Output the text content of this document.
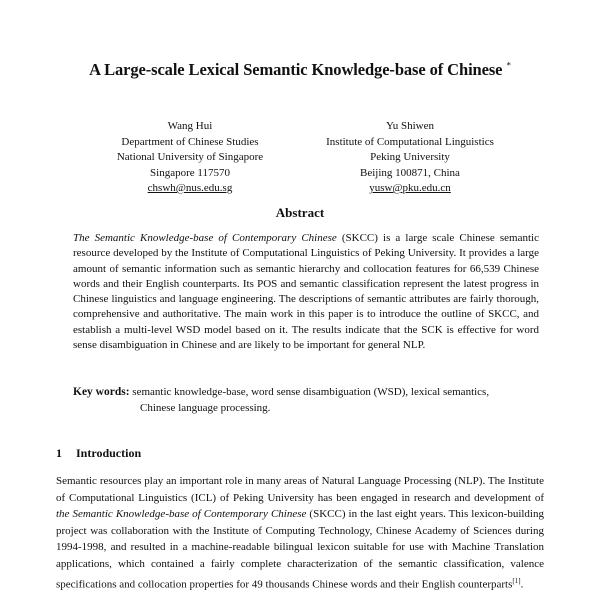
A Large-scale Lexical Semantic Knowledge-base of Chinese *
Wang Hui
Department of Chinese Studies
National University of Singapore
Singapore 117570
chswh@nus.edu.sg
Yu Shiwen
Institute of Computational Linguistics
Peking University
Beijing 100871, China
yusw@pku.edu.cn
Abstract
The Semantic Knowledge-base of Contemporary Chinese (SKCC) is a large scale Chinese semantic resource developed by the Institute of Computational Linguistics of Peking University. It provides a large amount of semantic information such as semantic hierarchy and collocation features for 66,539 Chinese words and their English counterparts. Its POS and semantic classification represent the latest progress in Chinese linguistics and language engineering. The descriptions of semantic attributes are fairly thorough, comprehensive and authoritative. The main work in this paper is to introduce the outline of SKCC, and establish a multi-level WSD model based on it. The results indicate that the SCK is effective for word sense disambiguation in Chinese and are likely to be important for general NLP.
Key words: semantic knowledge-base, word sense disambiguation (WSD), lexical semantics,
Chinese language processing.
1 Introduction
Semantic resources play an important role in many areas of Natural Language Processing (NLP). The Institute of Computational Linguistics (ICL) of Peking University has been engaged in research and development of the Semantic Knowledge-base of Contemporary Chinese (SKCC) in the last eight years. This lexicon-building project was collaboration with the Institute of Computing Technology, Chinese Academy of Sciences during 1994-1998, and resulted in a machine-readable bilingual lexicon suitable for use with Machine Translation applications, which contained a fairly complete characterization of the semantic classification, valence specifications and collocation properties for 49 thousands Chinese words and their English counterparts[1].
